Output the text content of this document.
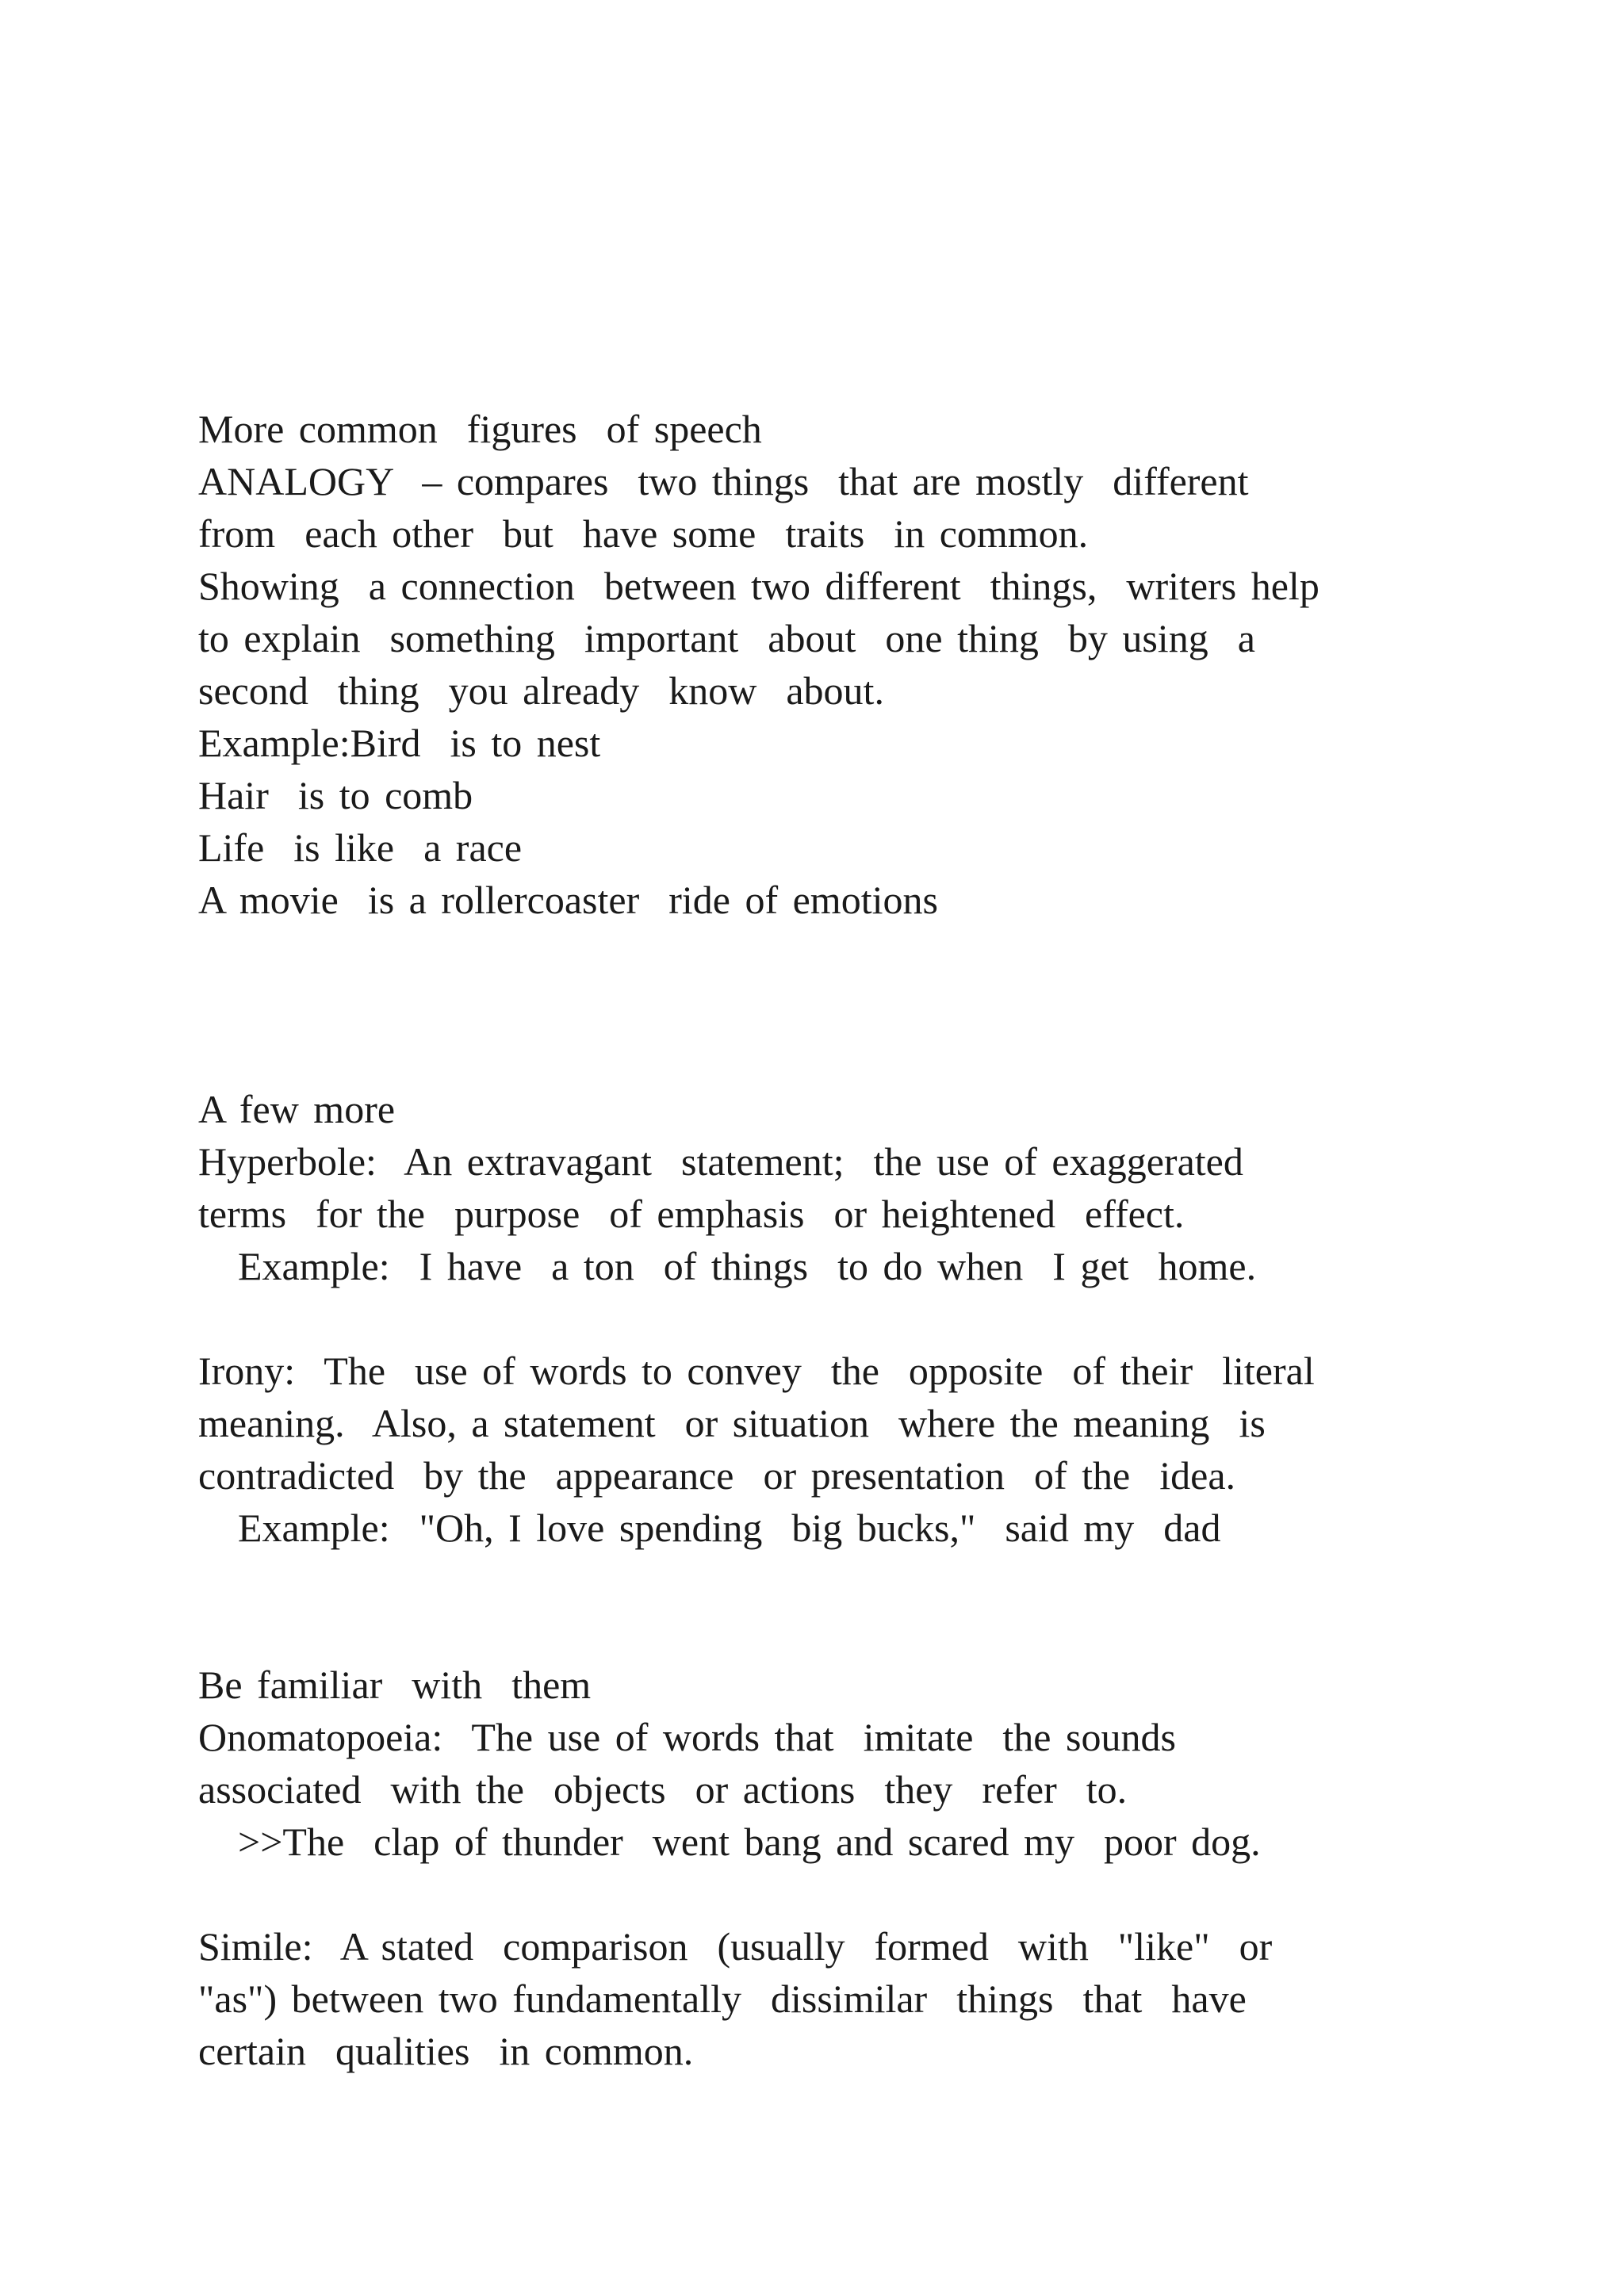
More common  figures  of speech
ANALOGY  – compares  two things  that are mostly  different
from  each other  but  have some  traits  in common.
Showing  a connection  between two different  things,  writers help
to explain  something  important  about  one thing  by using  a
second  thing  you already  know  about.
Example:Bird  is to nest
Hair  is to comb
Life  is like  a race
A movie  is a rollercoaster  ride of emotions
A few more
Hyperbole:  An extravagant  statement;  the use of exaggerated
terms  for the  purpose  of emphasis  or heightened  effect.
Example:  I have  a ton  of things  to do when  I get  home.
Irony:  The  use of words to convey  the  opposite  of their  literal
meaning.  Also, a statement  or situation  where the meaning  is
contradicted  by the  appearance  or presentation  of the  idea.
Example:  "Oh, I love spending  big bucks,"  said my  dad
Be familiar  with  them
Onomatopoeia:  The use of words that  imitate  the sounds
associated  with the  objects  or actions  they  refer  to.
>>The  clap of thunder  went bang and scared my  poor dog.
Simile:  A stated  comparison  (usually  formed  with  "like"  or
"as") between two fundamentally  dissimilar  things  that  have
certain  qualities  in common.
